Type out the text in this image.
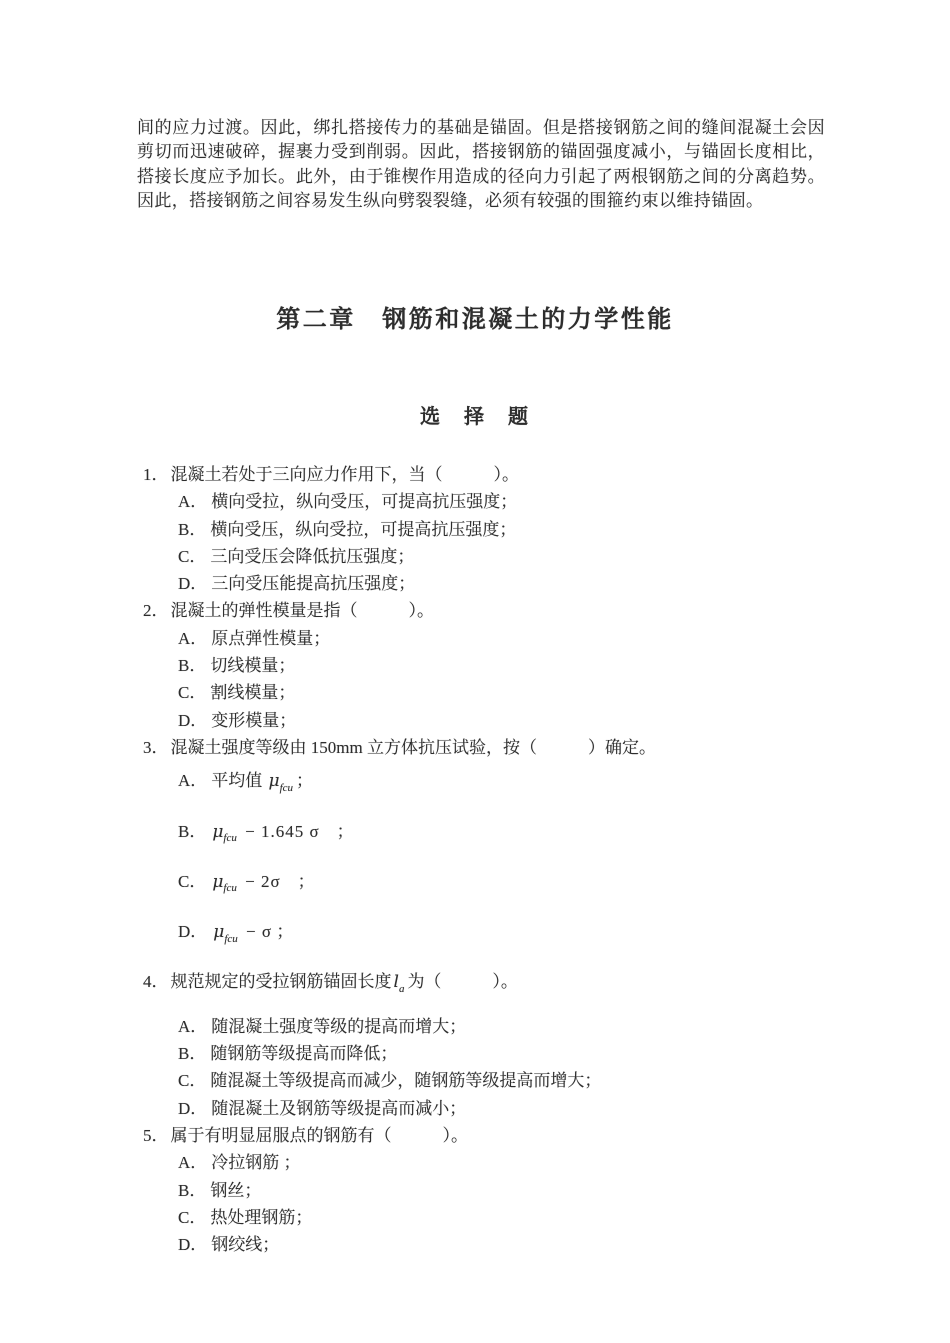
间的应力过渡。因此，绑扎搭接传力的基础是锚固。但是搭接钢筋之间的缝间混凝土会因剪切而迅速破碎，握裹力受到削弱。因此，搭接钢筋的锚固强度减小，与锚固长度相比，搭接长度应予加长。此外，由于锥楔作用造成的径向力引起了两根钢筋之间的分离趋势。因此，搭接钢筋之间容易发生纵向劈裂裂缝，必须有较强的围箍约束以维持锚固。

第二章　钢筋和混凝土的力学性能
选　择　题
1． 混凝土若处于三向应力作用下，当（　　　）。
A． 横向受拉，纵向受压，可提高抗压强度；
B． 横向受压，纵向受拉，可提高抗压强度；
C． 三向受压会降低抗压强度；
D． 三向受压能提高抗压强度；
2． 混凝土的弹性模量是指（　　　）。
A． 原点弹性模量；
B． 切线模量；
C． 割线模量；
D． 变形模量；
3． 混凝土强度等级由 150mm 立方体抗压试验，按（　　　）确定。
A． 平均值 $\mu_{fcu}$ ；
B． $\mu_{fcu} - 1.645$ σ　；
C． $\mu_{fcu} - 2\sigma$　；
D． $\mu_{fcu} - \sigma$ ；
4． 规范规定的受拉钢筋锚固长度 $l_a$ 为（　　　）。
A． 随混凝土强度等级的提高而增大；
B． 随钢筋等级提高而降低；
C． 随混凝土等级提高而减少，随钢筋等级提高而增大；
D． 随混凝土及钢筋等级提高而减小；
5． 属于有明显屈服点的钢筋有（　　　）。
A． 冷拉钢筋 ；
B． 钢丝；
C． 热处理钢筋；
D． 钢绞线；
